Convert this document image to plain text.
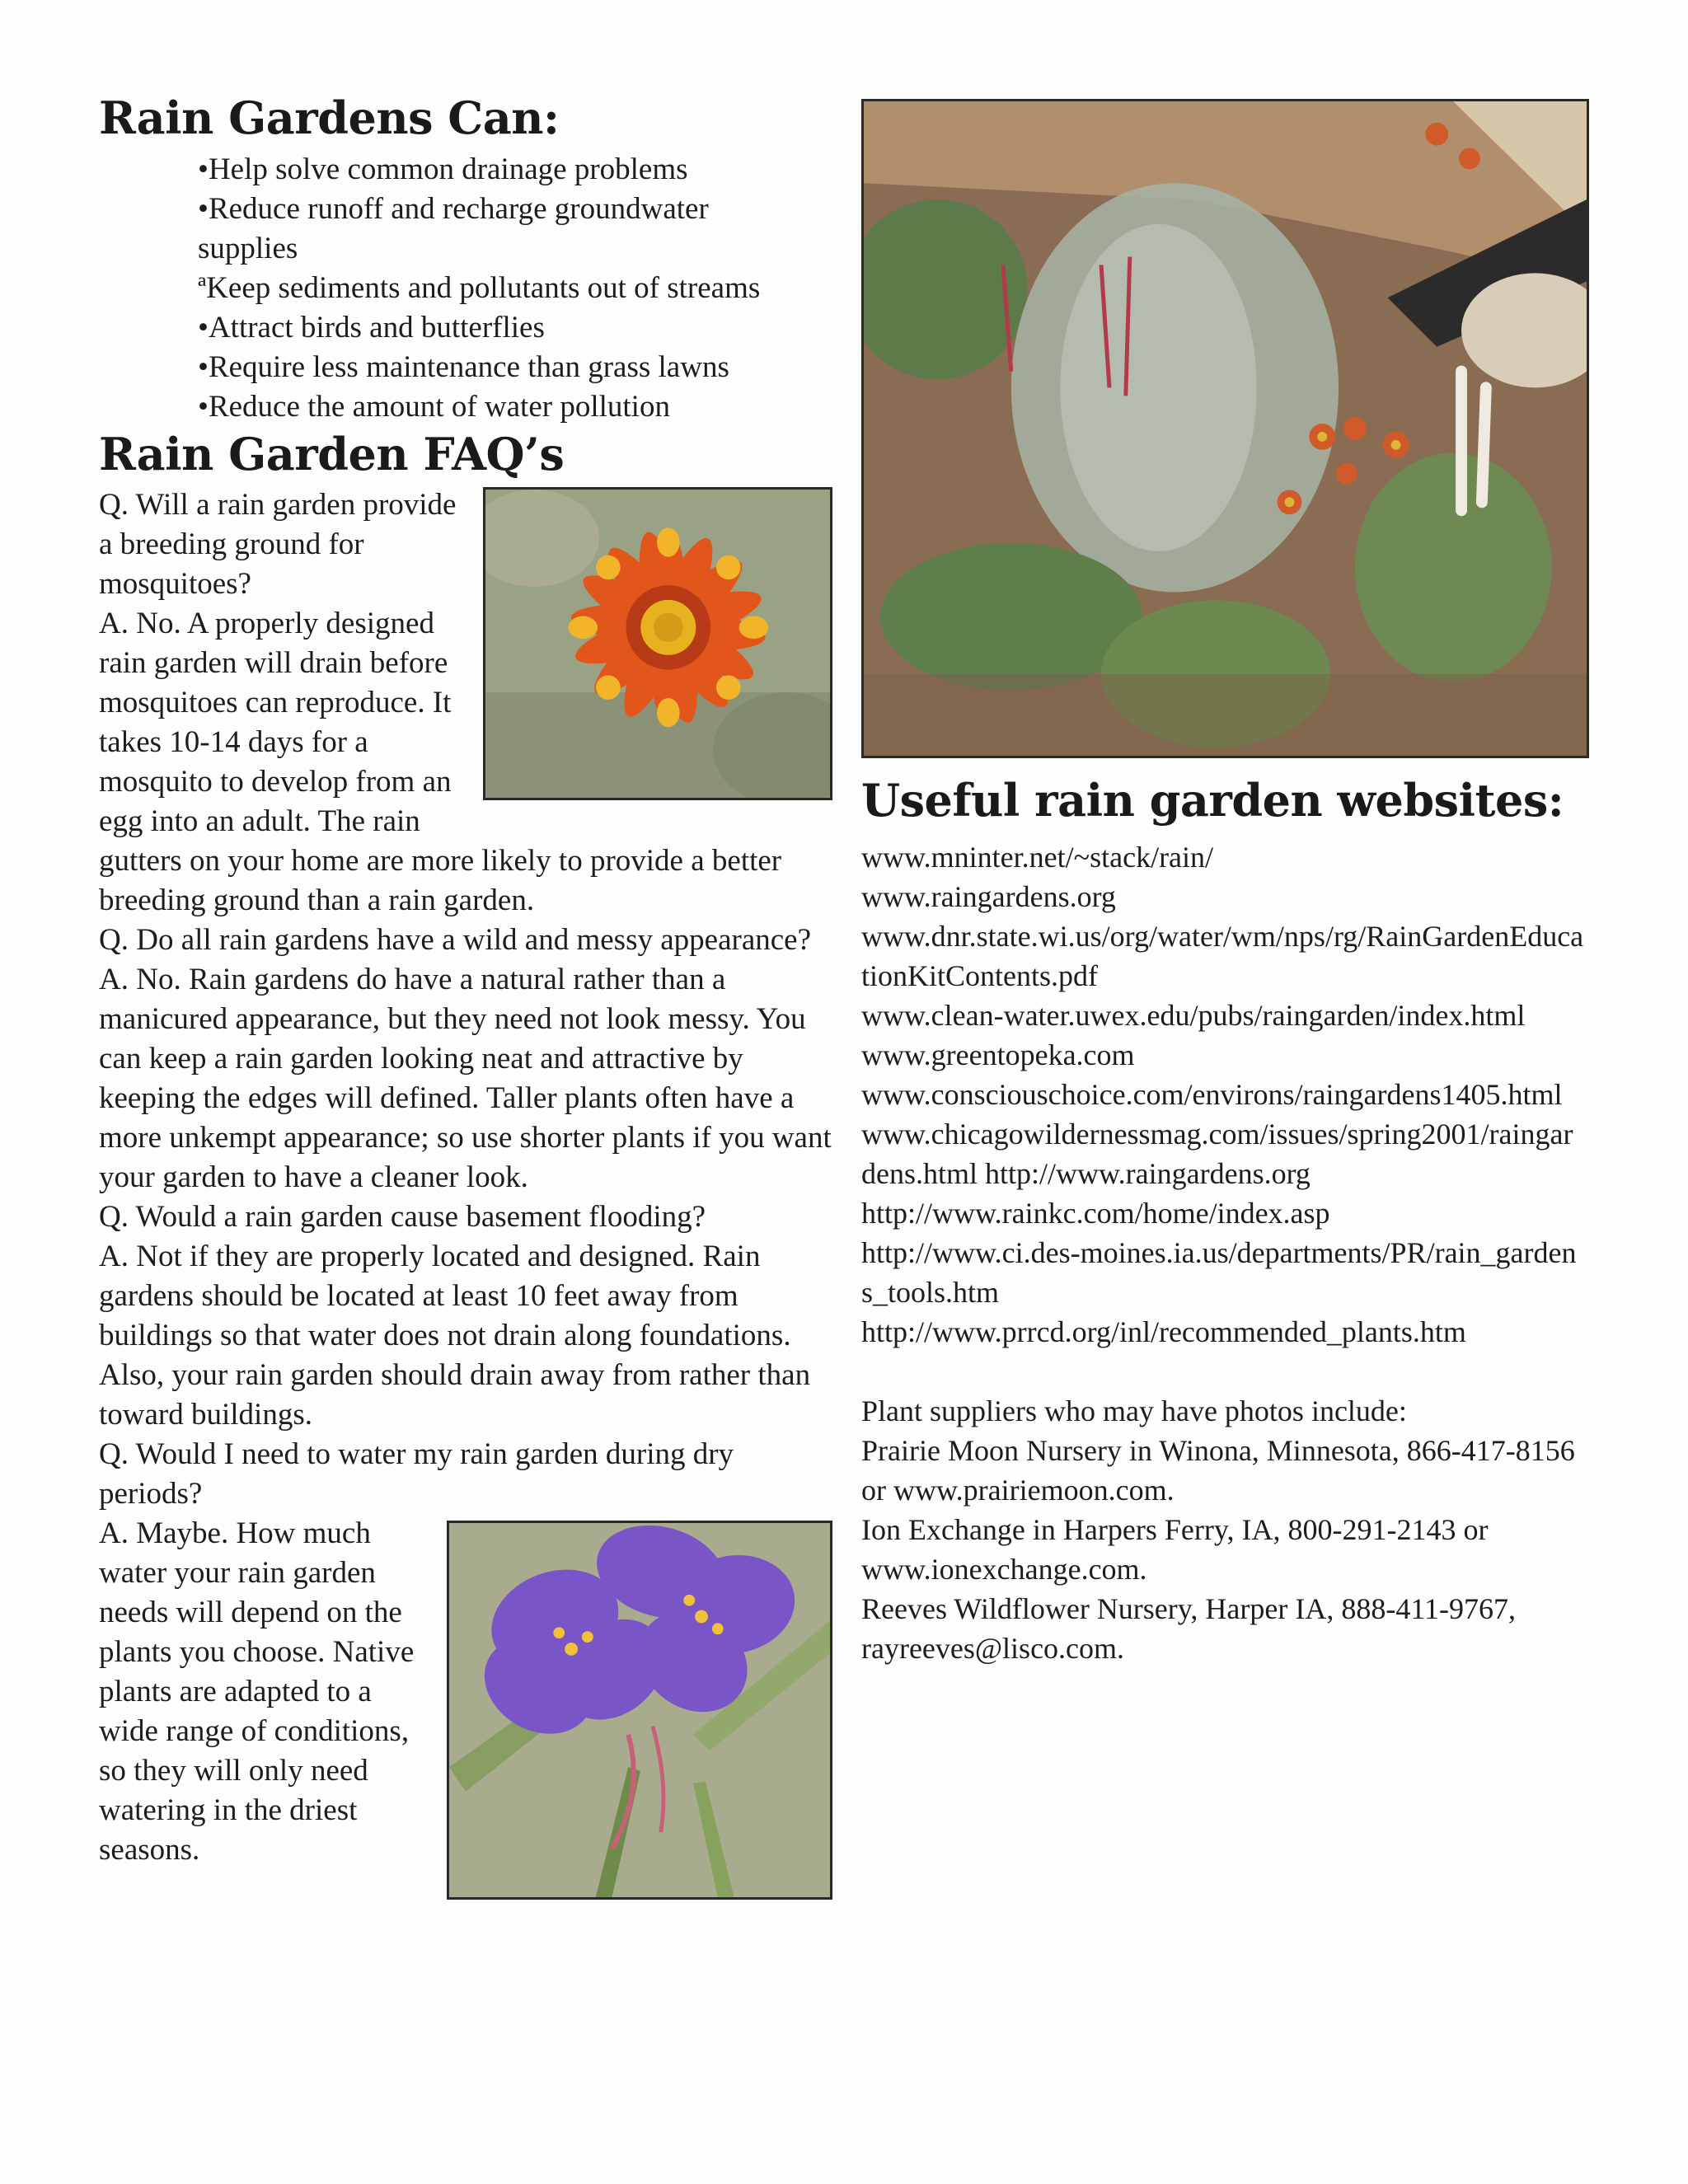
Rain Gardens Can:
•Help solve common drainage problems
•Reduce runoff and recharge groundwater supplies
ªKeep sediments and pollutants out of streams
•Attract birds and butterflies
•Require less maintenance than grass lawns
•Reduce the amount of water pollution
Rain Garden FAQ’s

Q. Will a rain garden provide a breeding ground for mosquitoes?

A. No. A properly designed rain garden will drain before mosquitoes can reproduce. It takes 10-14 days for a mosquito to develop from an egg into an adult. The rain gutters on your home are more likely to provide a better breeding ground than a rain garden.

Q. Do all rain gardens have a wild and messy appearance?

A. No. Rain gardens do have a natural rather than a manicured appearance, but they need not look messy. You can keep a rain garden looking neat and attractive by keeping the edges will defined. Taller plants often have a more unkempt appearance; so use shorter plants if you want your garden to have a cleaner look.

Q. Would a rain garden cause basement flooding?

A. Not if they are properly located and designed. Rain gardens should be located at least 10 feet away from buildings so that water does not drain along foundations. Also, your rain garden should drain away from rather than toward buildings.

Q. Would I need to water my rain garden during dry periods?

A. Maybe. How much water your rain garden needs will depend on the plants you choose. Native plants are adapted to a wide range of conditions, so they will only need watering in the driest seasons.

Useful rain garden websites:
www.mninter.net/~stack/rain/
www.raingardens.org
www.dnr.state.wi.us/org/water/wm/nps/rg/RainGardenEducationKitContents.pdf
www.clean-water.uwex.edu/pubs/raingarden/index.html
www.greentopeka.com
www.consciouschoice.com/environs/raingardens1405.html
www.chicagowildernessmag.com/issues/spring2001/raingardens.html http://www.raingardens.org
http://www.rainkc.com/home/index.asp
http://www.ci.des-moines.ia.us/departments/PR/rain_gardens_tools.htm
http://www.prrcd.org/inl/recommended_plants.htm
Plant suppliers who may have photos include:
Prairie Moon Nursery in Winona, Minnesota, 866-417-8156 or www.prairiemoon.com.
Ion Exchange in Harpers Ferry, IA, 800-291-2143 or www.ionexchange.com.
Reeves Wildflower Nursery, Harper IA, 888-411-9767, rayreeves@lisco.com.
